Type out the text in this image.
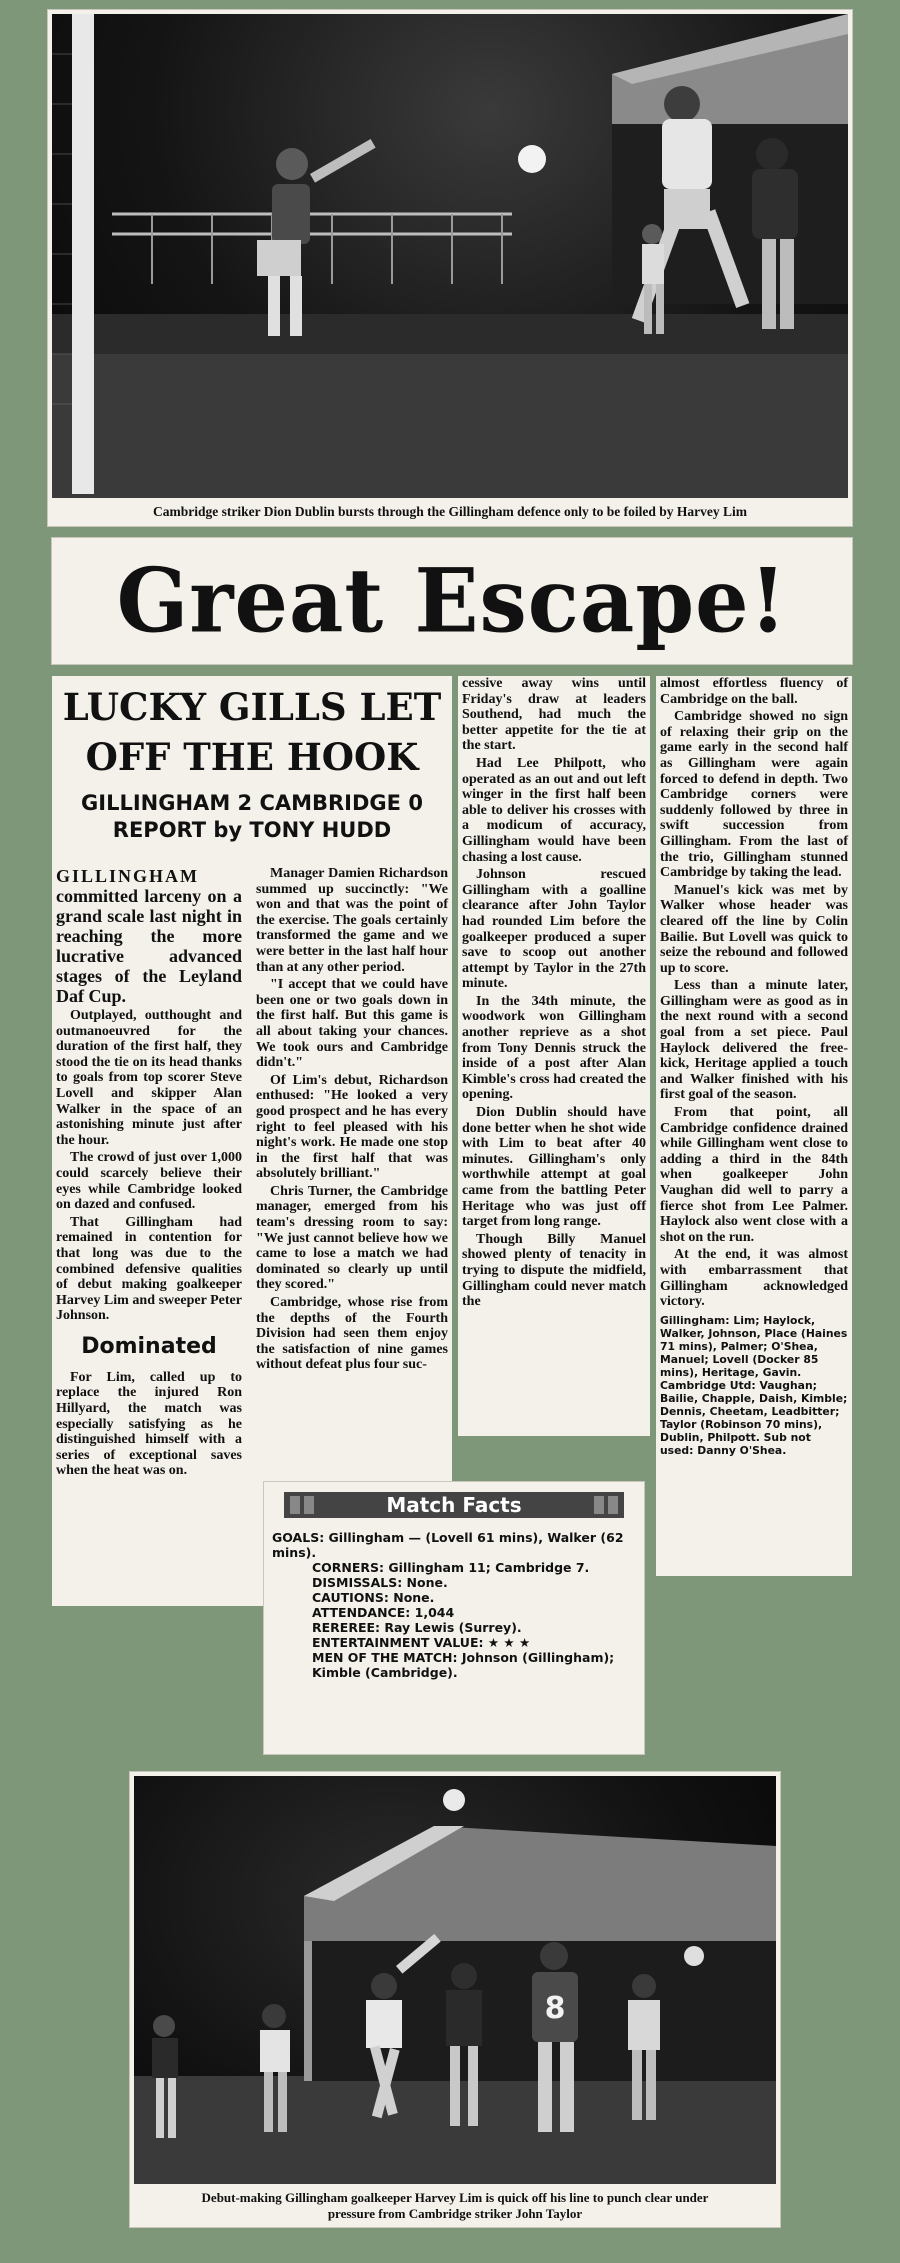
Cambridge striker Dion Dublin bursts through the Gillingham defence only to be foiled by Harvey Lim
Great Escape!
LUCKY GILLS LET
OFF THE HOOK
GILLINGHAM 2 CAMBRIDGE 0
REPORT by TONY HUDD
GILLINGHAM committed larceny on a grand scale last night in reaching the more lucrative advanced stages of the Leyland Daf Cup.

Outplayed, outthought and outmanoeuvred for the duration of the first half, they stood the tie on its head thanks to goals from top scorer Steve Lovell and skipper Alan Walker in the space of an astonishing minute just after the hour.

The crowd of just over 1,000 could scarcely believe their eyes while Cambridge looked on dazed and confused.

That Gillingham had remained in contention for that long was due to the combined defensive qualities of debut making goalkeeper Harvey Lim and sweeper Peter Johnson.

Dominated

For Lim, called up to replace the injured Ron Hillyard, the match was especially satisfying as he distinguished himself with a series of exceptional saves when the heat was on.

Manager Damien Richardson summed up succinctly: "We won and that was the point of the exercise. The goals certainly transformed the game and we were better in the last half hour than at any other period.

"I accept that we could have been one or two goals down in the first half. But this game is all about taking your chances. We took ours and Cambridge didn't."

Of Lim's debut, Richardson enthused: "He looked a very good prospect and he has every right to feel pleased with his night's work. He made one stop in the first half that was absolutely brilliant."

Chris Turner, the Cambridge manager, emerged from his team's dressing room to say: "We just cannot believe how we came to lose a match we had dominated so clearly up until they scored."

Cambridge, whose rise from the depths of the Fourth Division had seen them enjoy the satisfaction of nine games without defeat plus four suc-

cessive away wins until Friday's draw at leaders Southend, had much the better appetite for the tie at the start.

Had Lee Philpott, who operated as an out and out left winger in the first half been able to deliver his crosses with a modicum of accuracy, Gillingham would have been chasing a lost cause.

Johnson rescued Gillingham with a goalline clearance after John Taylor had rounded Lim before the goalkeeper produced a super save to scoop out another attempt by Taylor in the 27th minute.

In the 34th minute, the woodwork won Gillingham another reprieve as a shot from Tony Dennis struck the inside of a post after Alan Kimble's cross had created the opening.

Dion Dublin should have done better when he shot wide with Lim to beat after 40 minutes. Gillingham's only worthwhile attempt at goal came from the battling Peter Heritage who was just off target from long range.

Though Billy Manuel showed plenty of tenacity in trying to dispute the midfield, Gillingham could never match the

almost effortless fluency of Cambridge on the ball.

Cambridge showed no sign of relaxing their grip on the game early in the second half as Gillingham were again forced to defend in depth. Two Cambridge corners were suddenly followed by three in swift succession from Gillingham. From the last of the trio, Gillingham stunned Cambridge by taking the lead.

Manuel's kick was met by Walker whose header was cleared off the line by Colin Bailie. But Lovell was quick to seize the rebound and followed up to score.

Less than a minute later, Gillingham were as good as in the next round with a second goal from a set piece. Paul Haylock delivered the free-kick, Heritage applied a touch and Walker finished with his first goal of the season.

From that point, all Cambridge confidence drained while Gillingham went close to adding a third in the 84th when goalkeeper John Vaughan did well to parry a fierce shot from Lee Palmer. Haylock also went close with a shot on the run.

At the end, it was almost with embarrassment that Gillingham acknowledged victory.

Gillingham: Lim; Haylock, Walker, Johnson, Place (Haines 71 mins), Palmer; O'Shea, Manuel; Lovell (Docker 85 mins), Heritage, Gavin.
Cambridge Utd: Vaughan; Bailie, Chapple, Daish, Kimble; Dennis, Cheetam, Leadbitter; Taylor (Robinson 70 mins), Dublin, Philpott. Sub not used: Danny O'Shea.
Match Facts
GOALS: Gillingham — (Lovell 61 mins), Walker (62 mins).
CORNERS: Gillingham 11; Cambridge 7.
DISMISSALS: None.
CAUTIONS: None.
ATTENDANCE: 1,044
REREREE: Ray Lewis (Surrey).
ENTERTAINMENT VALUE: ★ ★ ★
MEN OF THE MATCH: Johnson (Gillingham); Kimble (Cambridge).
8
Debut-making Gillingham goalkeeper Harvey Lim is quick off his line to punch clear under
pressure from Cambridge striker John Taylor
